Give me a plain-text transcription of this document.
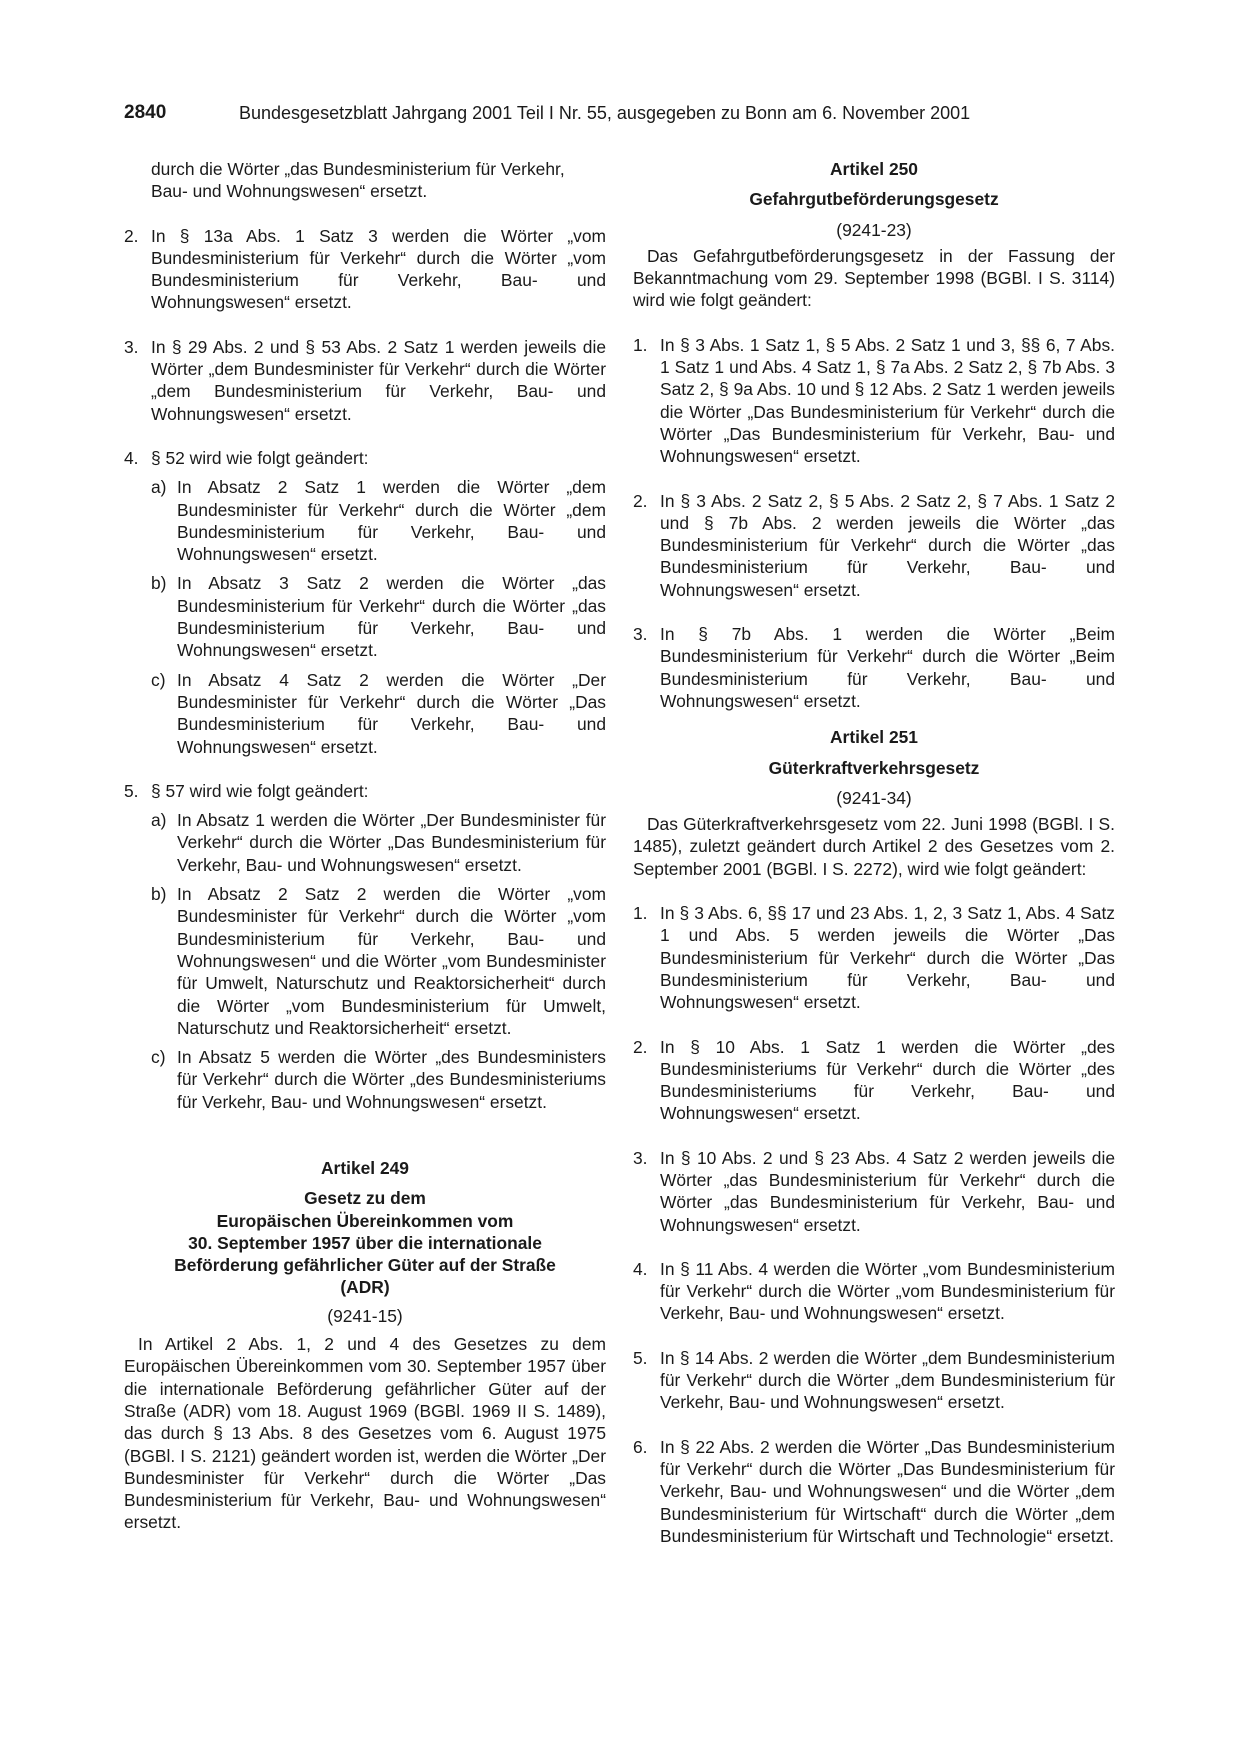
2840	Bundesgesetzblatt Jahrgang 2001 Teil I Nr. 55, ausgegeben zu Bonn am 6. November 2001

durch die Wörter „das Bundesministerium für Verkehr, Bau- und Wohnungswesen“ ersetzt.

2. In § 13a Abs. 1 Satz 3 werden die Wörter „vom Bundesministerium für Verkehr“ durch die Wörter „vom Bundesministerium für Verkehr, Bau- und Wohnungswesen“ ersetzt.

3. In § 29 Abs. 2 und § 53 Abs. 2 Satz 1 werden jeweils die Wörter „dem Bundesminister für Verkehr“ durch die Wörter „dem Bundesministerium für Verkehr, Bau- und Wohnungswesen“ ersetzt.

4. § 52 wird wie folgt geändert:

a) In Absatz 2 Satz 1 werden die Wörter „dem Bundesminister für Verkehr“ durch die Wörter „dem Bundesministerium für Verkehr, Bau- und Wohnungswesen“ ersetzt.

b) In Absatz 3 Satz 2 werden die Wörter „das Bundesministerium für Verkehr“ durch die Wörter „das Bundesministerium für Verkehr, Bau- und Wohnungswesen“ ersetzt.

c) In Absatz 4 Satz 2 werden die Wörter „Der Bundesminister für Verkehr“ durch die Wörter „Das Bundesministerium für Verkehr, Bau- und Wohnungswesen“ ersetzt.

5. § 57 wird wie folgt geändert:

a) In Absatz 1 werden die Wörter „Der Bundesminister für Verkehr“ durch die Wörter „Das Bundesministerium für Verkehr, Bau- und Wohnungswesen“ ersetzt.

b) In Absatz 2 Satz 2 werden die Wörter „vom Bundesminister für Verkehr“ durch die Wörter „vom Bundesministerium für Verkehr, Bau- und Wohnungswesen“ und die Wörter „vom Bundesminister für Umwelt, Naturschutz und Reaktorsicherheit“ durch die Wörter „vom Bundesministerium für Umwelt, Naturschutz und Reaktorsicherheit“ ersetzt.

c) In Absatz 5 werden die Wörter „des Bundesministers für Verkehr“ durch die Wörter „des Bundesministeriums für Verkehr, Bau- und Wohnungswesen“ ersetzt.

Artikel 249

Gesetz zu dem

Europäischen Übereinkommen vom

30. September 1957 über die internationale

Beförderung gefährlicher Güter auf der Straße

(ADR)

(9241-15)

In Artikel 2 Abs. 1, 2 und 4 des Gesetzes zu dem Europäischen Übereinkommen vom 30. September 1957 über die internationale Beförderung gefährlicher Güter auf der Straße (ADR) vom 18. August 1969 (BGBl. 1969 II S. 1489), das durch § 13 Abs. 8 des Gesetzes vom 6. August 1975 (BGBl. I S. 2121) geändert worden ist, werden die Wörter „Der Bundesminister für Verkehr“ durch die Wörter „Das Bundesministerium für Verkehr, Bau- und Wohnungswesen“ ersetzt.

Artikel 250

Gefahrgutbeförderungsgesetz

(9241-23)

Das Gefahrgutbeförderungsgesetz in der Fassung der Bekanntmachung vom 29. September 1998 (BGBl. I S. 3114) wird wie folgt geändert:

1. In § 3 Abs. 1 Satz 1, § 5 Abs. 2 Satz 1 und 3, §§ 6, 7 Abs. 1 Satz 1 und Abs. 4 Satz 1, § 7a Abs. 2 Satz 2, § 7b Abs. 3 Satz 2, § 9a Abs. 10 und § 12 Abs. 2 Satz 1 werden jeweils die Wörter „Das Bundesministerium für Verkehr“ durch die Wörter „Das Bundesministerium für Verkehr, Bau- und Wohnungswesen“ ersetzt.

2. In § 3 Abs. 2 Satz 2, § 5 Abs. 2 Satz 2, § 7 Abs. 1 Satz 2 und § 7b Abs. 2 werden jeweils die Wörter „das Bundesministerium für Verkehr“ durch die Wörter „das Bundesministerium für Verkehr, Bau- und Wohnungswesen“ ersetzt.

3. In § 7b Abs. 1 werden die Wörter „Beim Bundesministerium für Verkehr“ durch die Wörter „Beim Bundesministerium für Verkehr, Bau- und Wohnungswesen“ ersetzt.

Artikel 251

Güterkraftverkehrsgesetz

(9241-34)

Das Güterkraftverkehrsgesetz vom 22. Juni 1998 (BGBl. I S. 1485), zuletzt geändert durch Artikel 2 des Gesetzes vom 2. September 2001 (BGBl. I S. 2272), wird wie folgt geändert:

1. In § 3 Abs. 6, §§ 17 und 23 Abs. 1, 2, 3 Satz 1, Abs. 4 Satz 1 und Abs. 5 werden jeweils die Wörter „Das Bundesministerium für Verkehr“ durch die Wörter „Das Bundesministerium für Verkehr, Bau- und Wohnungswesen“ ersetzt.

2. In § 10 Abs. 1 Satz 1 werden die Wörter „des Bundesministeriums für Verkehr“ durch die Wörter „des Bundesministeriums für Verkehr, Bau- und Wohnungswesen“ ersetzt.

3. In § 10 Abs. 2 und § 23 Abs. 4 Satz 2 werden jeweils die Wörter „das Bundesministerium für Verkehr“ durch die Wörter „das Bundesministerium für Verkehr, Bau- und Wohnungswesen“ ersetzt.

4. In § 11 Abs. 4 werden die Wörter „vom Bundesministerium für Verkehr“ durch die Wörter „vom Bundesministerium für Verkehr, Bau- und Wohnungswesen“ ersetzt.

5. In § 14 Abs. 2 werden die Wörter „dem Bundesministerium für Verkehr“ durch die Wörter „dem Bundesministerium für Verkehr, Bau- und Wohnungswesen“ ersetzt.

6. In § 22 Abs. 2 werden die Wörter „Das Bundesministerium für Verkehr“ durch die Wörter „Das Bundesministerium für Verkehr, Bau- und Wohnungswesen“ und die Wörter „dem Bundesministerium für Wirtschaft“ durch die Wörter „dem Bundesministerium für Wirtschaft und Technologie“ ersetzt.
